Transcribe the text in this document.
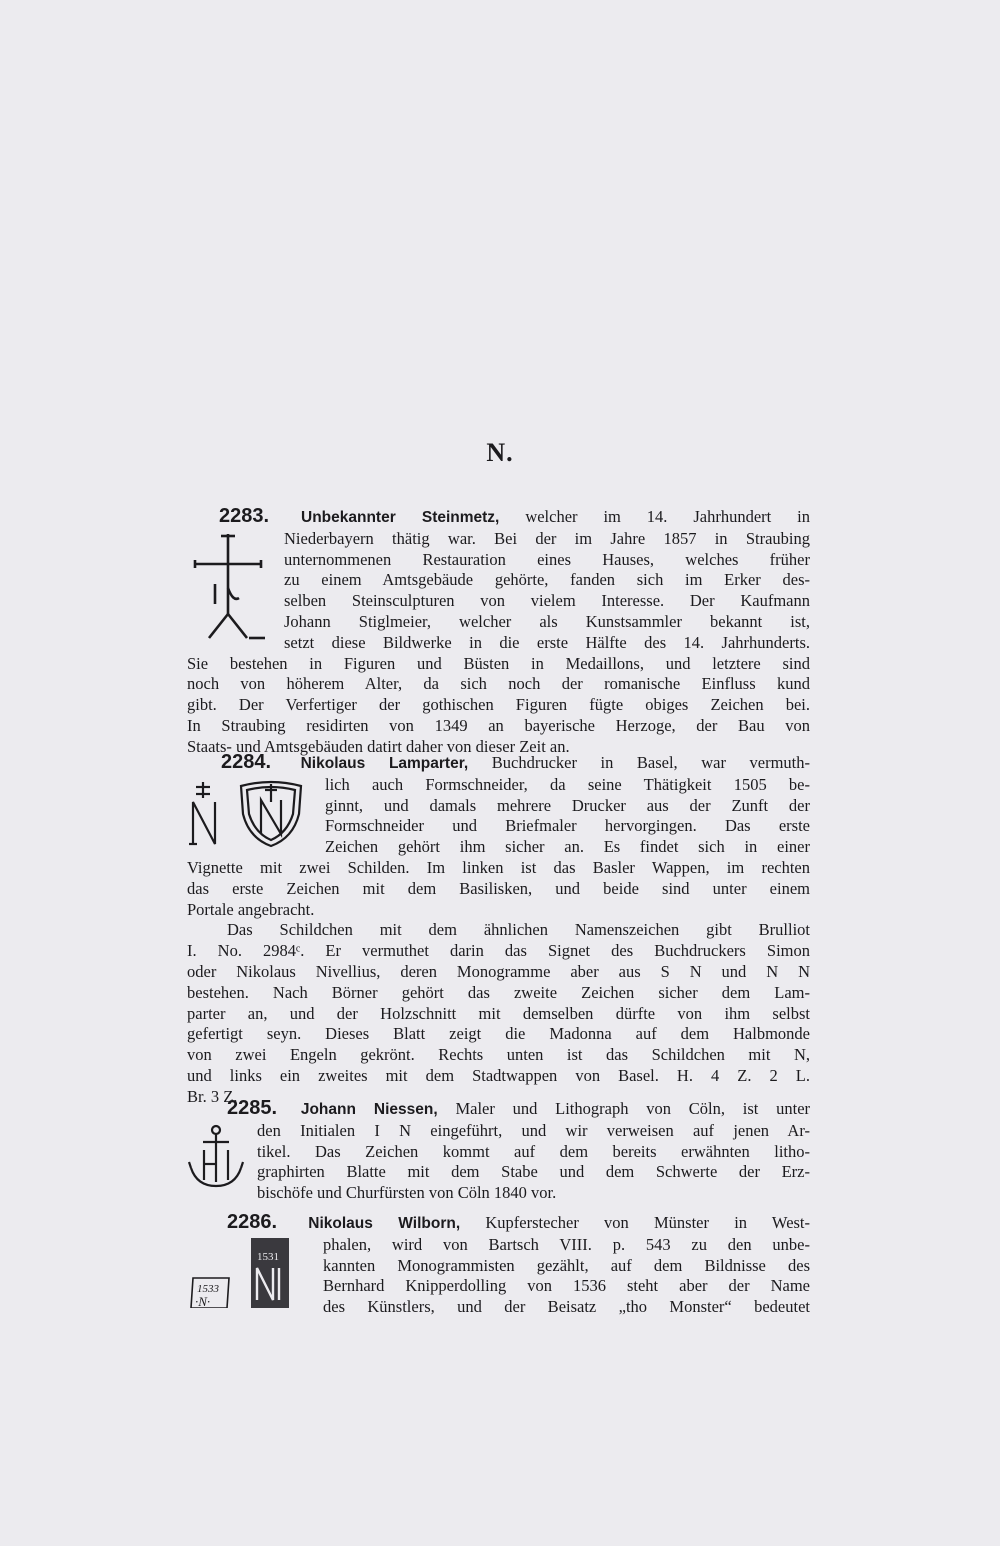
N.
2283. Unbekannter Steinmetz, welcher im 14. Jahrhundert in
Niederbayern thätig war. Bei der im Jahre 1857 in Straubing
unternommenen Restauration eines Hauses, welches früher
zu einem Amtsgebäude gehörte, fanden sich im Erker des-
selben Steinsculpturen von vielem Interesse. Der Kaufmann
Johann Stiglmeier, welcher als Kunstsammler bekannt ist,
setzt diese Bildwerke in die erste Hälfte des 14. Jahrhunderts.
Sie bestehen in Figuren und Büsten in Medaillons, und letztere sind
noch von höherem Alter, da sich noch der romanische Einfluss kund
gibt. Der Verfertiger der gothischen Figuren fügte obiges Zeichen bei.
In Straubing residirten von 1349 an bayerische Herzoge, der Bau von
Staats- und Amtsgebäuden datirt daher von dieser Zeit an.
2284. Nikolaus Lamparter, Buchdrucker in Basel, war vermuth-
lich auch Formschneider, da seine Thätigkeit 1505 be-
ginnt, und damals mehrere Drucker aus der Zunft der
Formschneider und Briefmaler hervorgingen. Das erste
Zeichen gehört ihm sicher an. Es findet sich in einer
Vignette mit zwei Schilden. Im linken ist das Basler Wappen, im rechten
das erste Zeichen mit dem Basilisken, und beide sind unter einem
Portale angebracht.
Das Schildchen mit dem ähnlichen Namenszeichen gibt Brulliot
I. No. 2984ᶜ. Er vermuthet darin das Signet des Buchdruckers Simon
oder Nikolaus Nivellius, deren Monogramme aber aus S N und N N
bestehen. Nach Börner gehört das zweite Zeichen sicher dem Lam-
parter an, und der Holzschnitt mit demselben dürfte von ihm selbst
gefertigt seyn. Dieses Blatt zeigt die Madonna auf dem Halbmonde
von zwei Engeln gekrönt. Rechts unten ist das Schildchen mit N,
und links ein zweites mit dem Stadtwappen von Basel. H. 4 Z. 2 L.
Br. 3 Z.
2285. Johann Niessen, Maler und Lithograph von Cöln, ist unter
den Initialen I N eingeführt, und wir verweisen auf jenen Ar-
tikel. Das Zeichen kommt auf dem bereits erwähnten litho-
graphirten Blatte mit dem Stabe und dem Schwerte der Erz-
bischöfe und Churfürsten von Cöln 1840 vor.
1533
·N·
1531
2286. Nikolaus Wilborn, Kupferstecher von Münster in West-
phalen, wird von Bartsch VIII. p. 543 zu den unbe-
kannten Monogrammisten gezählt, auf dem Bildnisse des
Bernhard Knipperdolling von 1536 steht aber der Name
des Künstlers, und der Beisatz „tho Monster“ bedeutet
